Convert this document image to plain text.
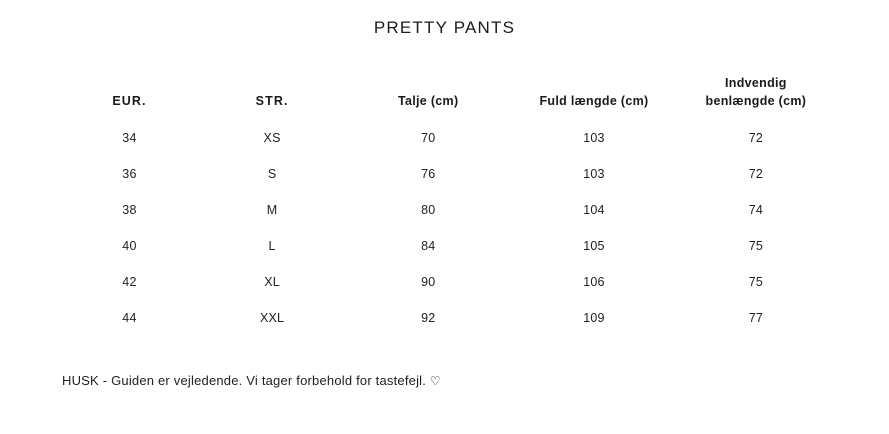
PRETTY PANTS
EUR.	STR.	Talje (cm)	Fuld længde (cm)	Indvendig
benlængde (cm)
34	XS	70	103	72
36	S	76	103	72
38	M	80	104	74
40	L	84	105	75
42	XL	90	106	75
44	XXL	92	109	77
HUSK - Guiden er vejledende. Vi tager forbehold for tastefejl. ♡
